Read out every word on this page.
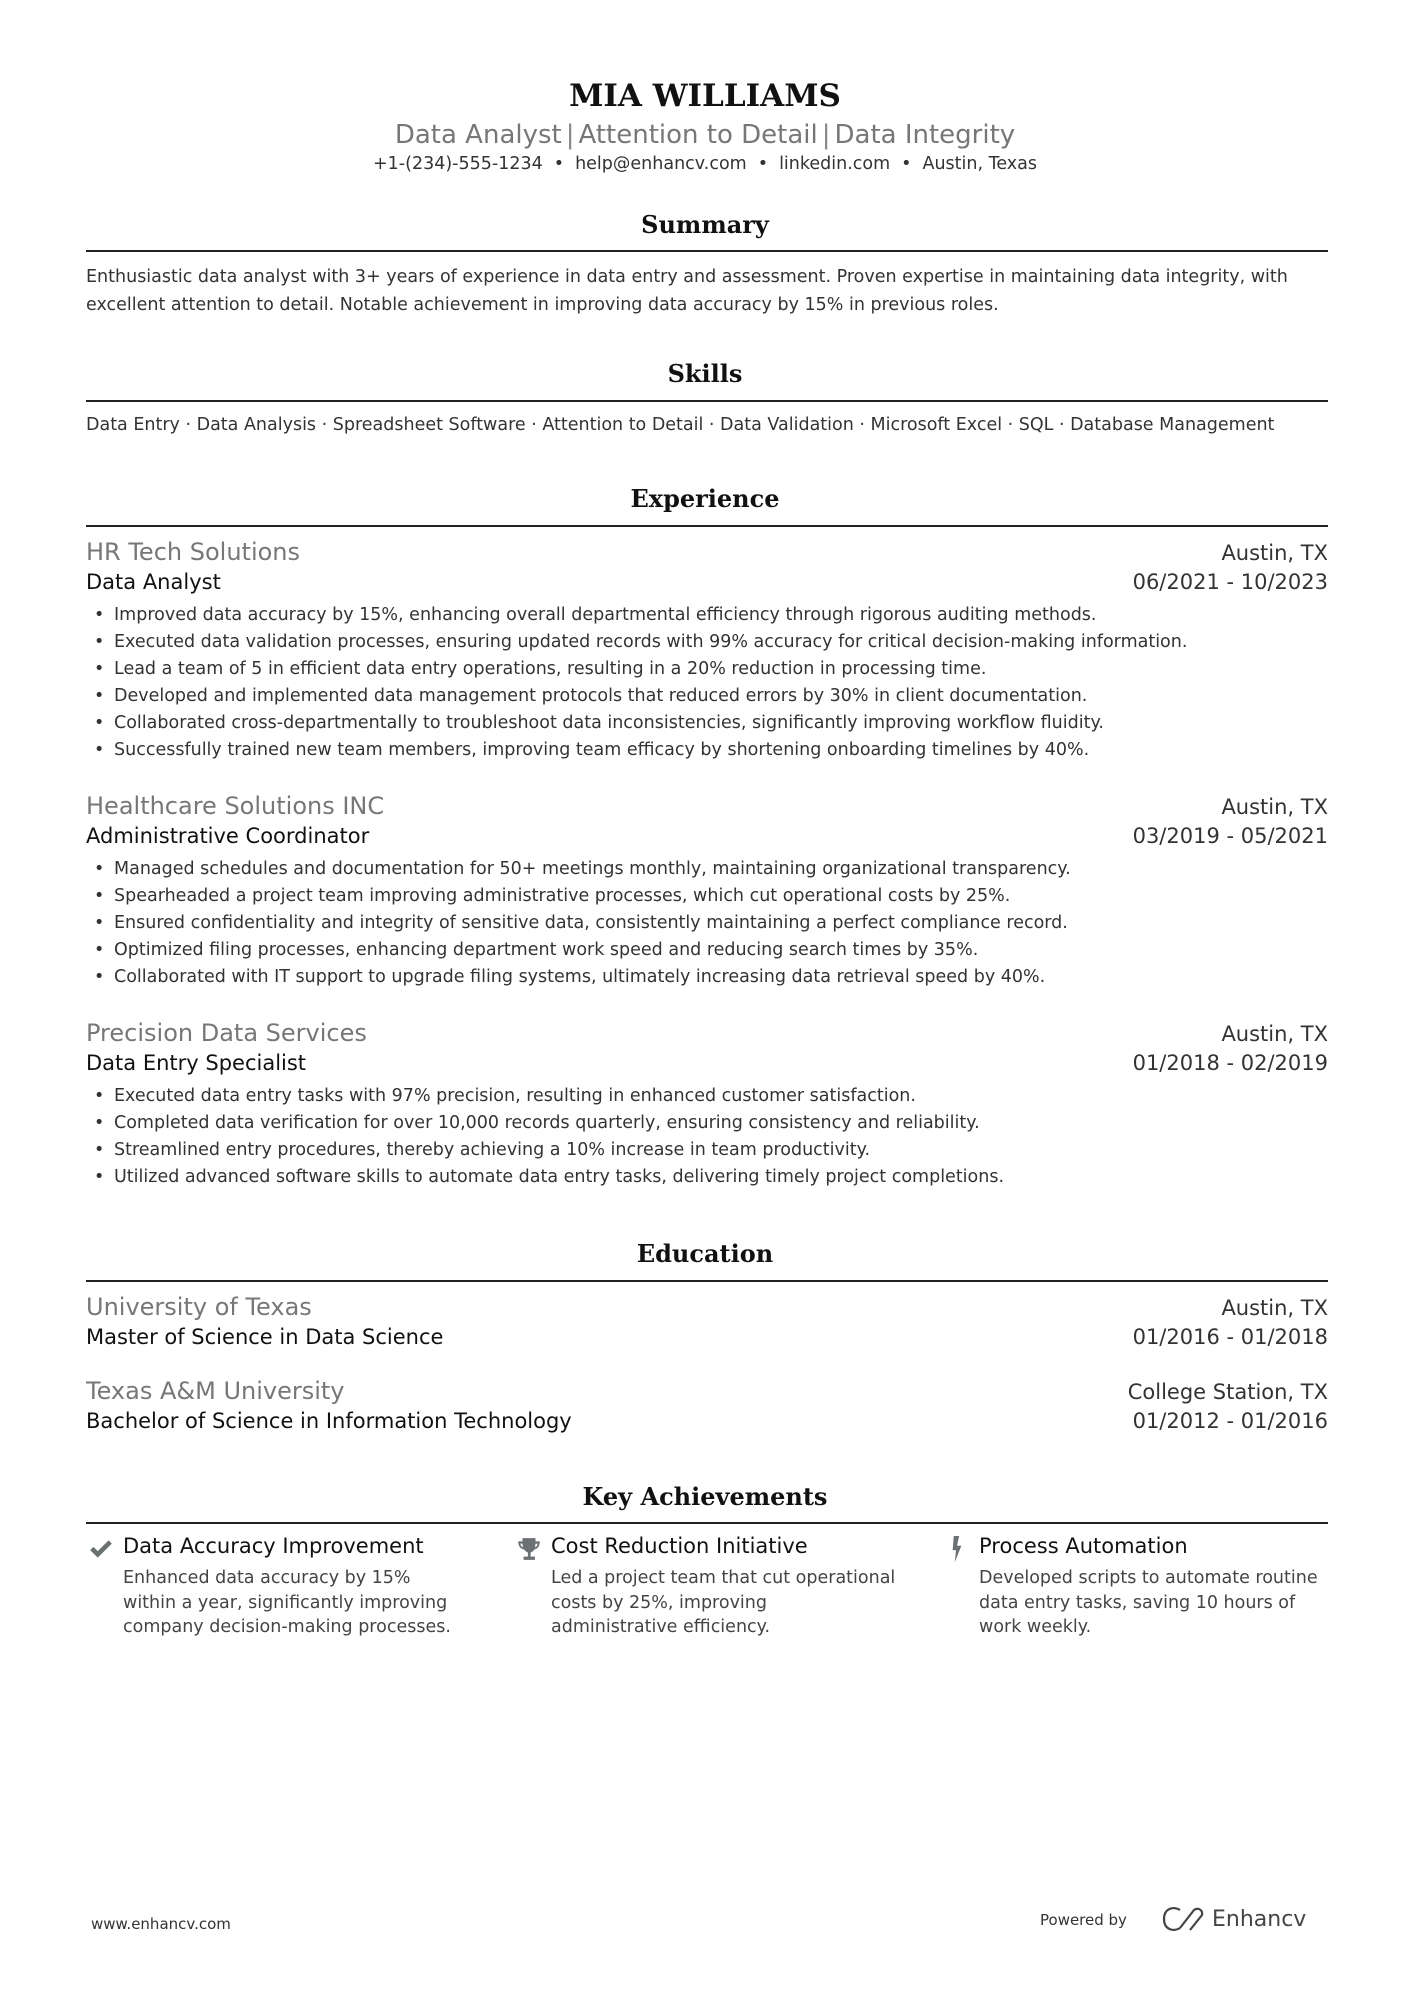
MIA WILLIAMS
Data Analyst | Attention to Detail | Data Integrity
+1-(234)-555-1234 • help@enhancv.com • linkedin.com • Austin, Texas
Summary
Enthusiastic data analyst with 3+ years of experience in data entry and assessment. Proven expertise in maintaining data integrity, with excellent attention to detail. Notable achievement in improving data accuracy by 15% in previous roles.
Skills
Data Entry · Data Analysis · Spreadsheet Software · Attention to Detail · Data Validation · Microsoft Excel · SQL · Database Management
Experience
HR Tech Solutions	Austin, TX
Data Analyst	06/2021 - 10/2023
• Improved data accuracy by 15%, enhancing overall departmental efficiency through rigorous auditing methods.
• Executed data validation processes, ensuring updated records with 99% accuracy for critical decision-making information.
• Lead a team of 5 in efficient data entry operations, resulting in a 20% reduction in processing time.
• Developed and implemented data management protocols that reduced errors by 30% in client documentation.
• Collaborated cross-departmentally to troubleshoot data inconsistencies, significantly improving workflow fluidity.
• Successfully trained new team members, improving team efficacy by shortening onboarding timelines by 40%.
Healthcare Solutions INC	Austin, TX
Administrative Coordinator	03/2019 - 05/2021
• Managed schedules and documentation for 50+ meetings monthly, maintaining organizational transparency.
• Spearheaded a project team improving administrative processes, which cut operational costs by 25%.
• Ensured confidentiality and integrity of sensitive data, consistently maintaining a perfect compliance record.
• Optimized filing processes, enhancing department work speed and reducing search times by 35%.
• Collaborated with IT support to upgrade filing systems, ultimately increasing data retrieval speed by 40%.
Precision Data Services	Austin, TX
Data Entry Specialist	01/2018 - 02/2019
• Executed data entry tasks with 97% precision, resulting in enhanced customer satisfaction.
• Completed data verification for over 10,000 records quarterly, ensuring consistency and reliability.
• Streamlined entry procedures, thereby achieving a 10% increase in team productivity.
• Utilized advanced software skills to automate data entry tasks, delivering timely project completions.
Education
University of Texas	Austin, TX
Master of Science in Data Science	01/2016 - 01/2018
Texas A&M University	College Station, TX
Bachelor of Science in Information Technology	01/2012 - 01/2016
Key Achievements
Data Accuracy Improvement
Enhanced data accuracy by 15% within a year, significantly improving company decision-making processes.
Cost Reduction Initiative
Led a project team that cut operational costs by 25%, improving administrative efficiency.
Process Automation
Developed scripts to automate routine data entry tasks, saving 10 hours of work weekly.
www.enhancv.com	Powered by	Enhancv
